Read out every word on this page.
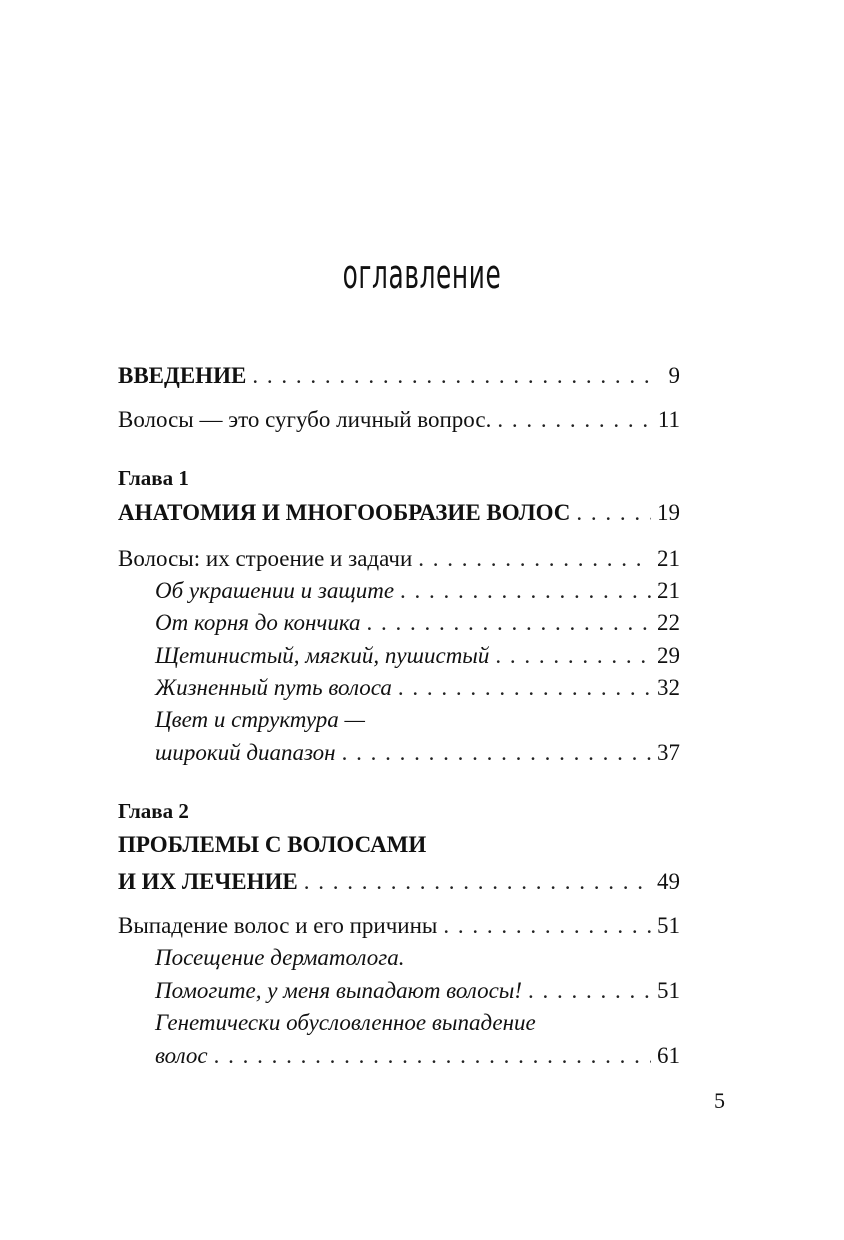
оглавление
ВВЕДЕНИЕ . . .	9
Волосы — это сугубо личный вопрос. . . .	11
Глава 1
АНАТОМИЯ И МНОГООБРАЗИЕ ВОЛОС . . .	19
Волосы: их строение и задачи . . .	21
Об украшении и защите . . .	21
От корня до кончика . . .	22
Щетинистый, мягкий, пушистый . . .	29
Жизненный путь волоса . . .	32
Цвет и структура —
широкий диапазон . . .	37
Глава 2
ПРОБЛЕМЫ С ВОЛОСАМИ
И ИХ ЛЕЧЕНИЕ . . .	49
Выпадение волос и его причины . . .	51
Посещение дерматолога.
Помогите, у меня выпадают волосы! . . .	51
Генетически обусловленное выпадение
волос . . .	61
5
